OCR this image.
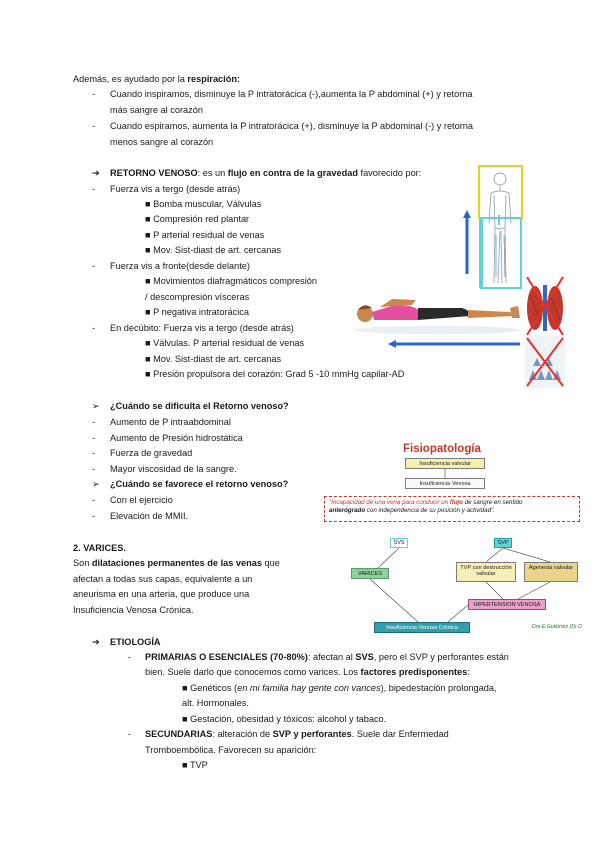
Además, es ayudado por la respiración:
- Cuando inspiramos, disminuye la P intratorácica (-),aumenta la P abdominal (+) y retorna
más sangre al corazón
- Cuando espiramos, aumenta la P intratorácica (+), disminuye la P abdominal (-) y retorna
menos sangre al corazón
➔ RETORNO VENOSO: es un flujo en contra de la gravedad favorecido por:
- Fuerza vis a tergo (desde atrás)
■ Bomba muscular, Válvulas
■ Compresión red plantar
■ P arterial residual de venas
■ Mov. Sist-diast de art. cercanas
- Fuerza vis a fronte(desde delante)
■ Movimientos diafragmáticos compresión
/ descompresión vísceras
■ P negativa intratorácica
- En decúbito: Fuerza vis a tergo (desde atrás)
■ Válvulas. P arterial residual de venas
■ Mov. Sist-diast de art. cercanas
■ Presión propulsora del corazón: Grad 5 -10 mmHg capilar-AD
➢ ¿Cuándo se dificulta el Retorno venoso?
- Aumento de P intraabdominal
- Aumento de Presión hidrostática
- Fuerza de gravedad
- Mayor viscosidad de la sangre.
➢ ¿Cuándo se favorece el retorno venoso?
- Con el ejercicio
- Elevación de MMII.
2. VARICES.
Son dilataciones permanentes de las venas que
afectan a todas sus capas, equivalente a un
aneurisma en una arteria, que produce una
Insuficiencia Venosa Crónica.
Fisiopatología
Insuficiencia valvular
Insuficiencia Venosa
"Incapacidad de una vena para conducir un flujo de sangre en sentido
anterógrado con independencia de su posición y actividad".
SVS	SVP
VARICES
TVP con destrucción valvular
Agenesia valvular
HIPERTENSION VENOSA
Insuficiencia Venosa Crónica	Dra E.Gutiérrez (Dr D
➔ ETIOLOGÍA
- PRIMARIAS O ESENCIALES (70-80%): afectan al SVS, pero el SVP y perforantes están
bien. Suele darlo que conocemos como varices. Los factores predisponentes:
■ Genéticos (en mi familia hay gente con varices), bipedestación prolongada,
alt. Hormonales.
■ Gestación, obesidad y tóxicos: alcohol y tabaco.
- SECUNDARIAS: alteración de SVP y perforantes. Suele dar Enfermedad
Tromboembólica. Favorecen su aparición:
■ TVP
